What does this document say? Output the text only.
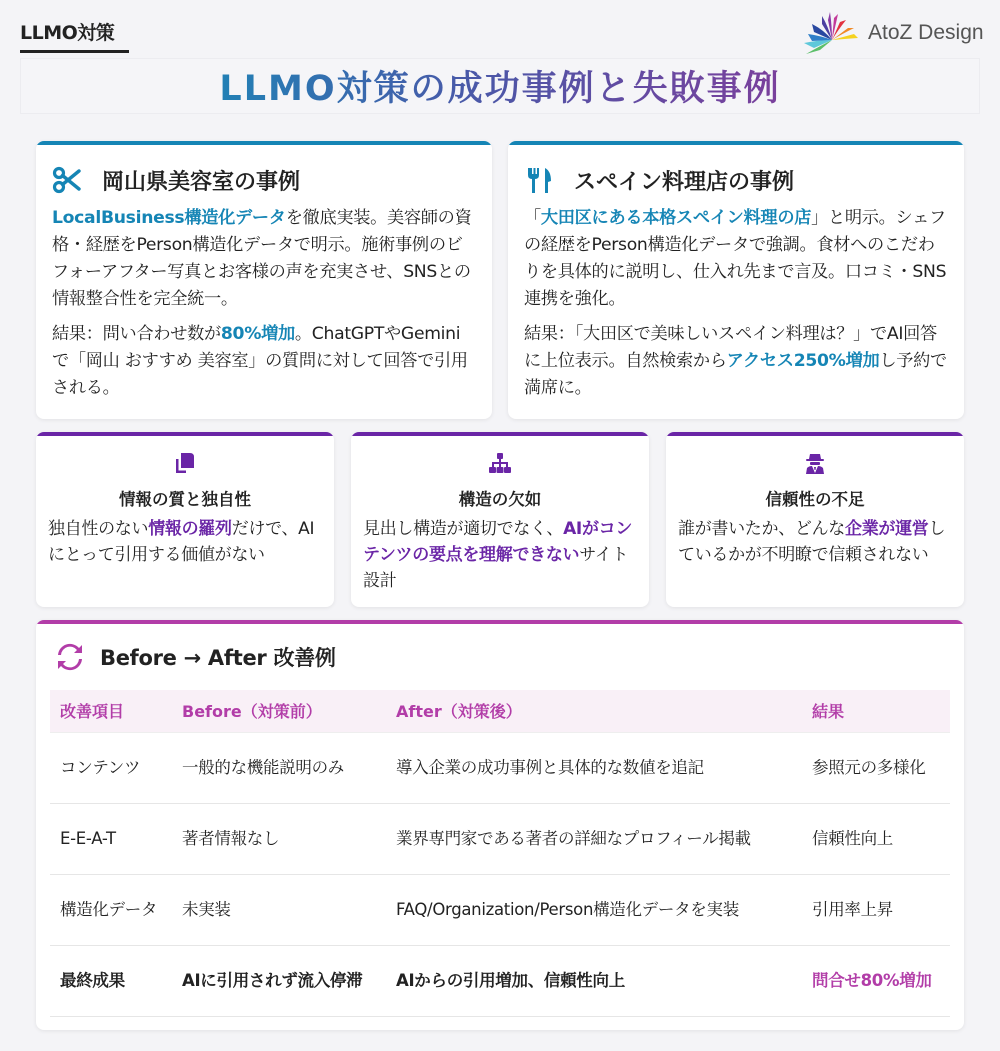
LLMO対策	AtoZ Design
LLMO対策の成功事例と失敗事例
岡山県美容室の事例

LocalBusiness構造化データを徹底実装。美容師の資格・経歴をPerson構造化データで明示。施術事例のビフォーアフター写真とお客様の声を充実させ、SNSとの情報整合性を完全統一。

結果：問い合わせ数が80%増加。ChatGPTやGeminiで「岡山 おすすめ 美容室」の質問に対して回答で引用される。

スペイン料理店の事例

「大田区にある本格スペイン料理の店」と明示。シェフの経歴をPerson構造化データで強調。食材へのこだわりを具体的に説明し、仕入れ先まで言及。口コミ・SNS連携を強化。

結果：「大田区で美味しいスペイン料理は？」でAI回答に上位表示。自然検索からアクセス250%増加し予約で満席に。

情報の質と独自性

独自性のない情報の羅列だけで、AIにとって引用する価値がない

構造の欠如

見出し構造が適切でなく、AIがコンテンツの要点を理解できないサイト設計

信頼性の不足

誰が書いたか、どんな企業が運営しているかが不明瞭で信頼されない

Before → After 改善例
改善項目	Before（対策前）	After（対策後）	結果
コンテンツ	一般的な機能説明のみ	導入企業の成功事例と具体的な数値を追記	参照元の多様化
E-E-A-T	著者情報なし	業界専門家である著者の詳細なプロフィール掲載	信頼性向上
構造化データ	未実装	FAQ/Organization/Person構造化データを実装	引用率上昇
最終成果	AIに引用されず流入停滞	AIからの引用増加、信頼性向上	問合せ80%増加
